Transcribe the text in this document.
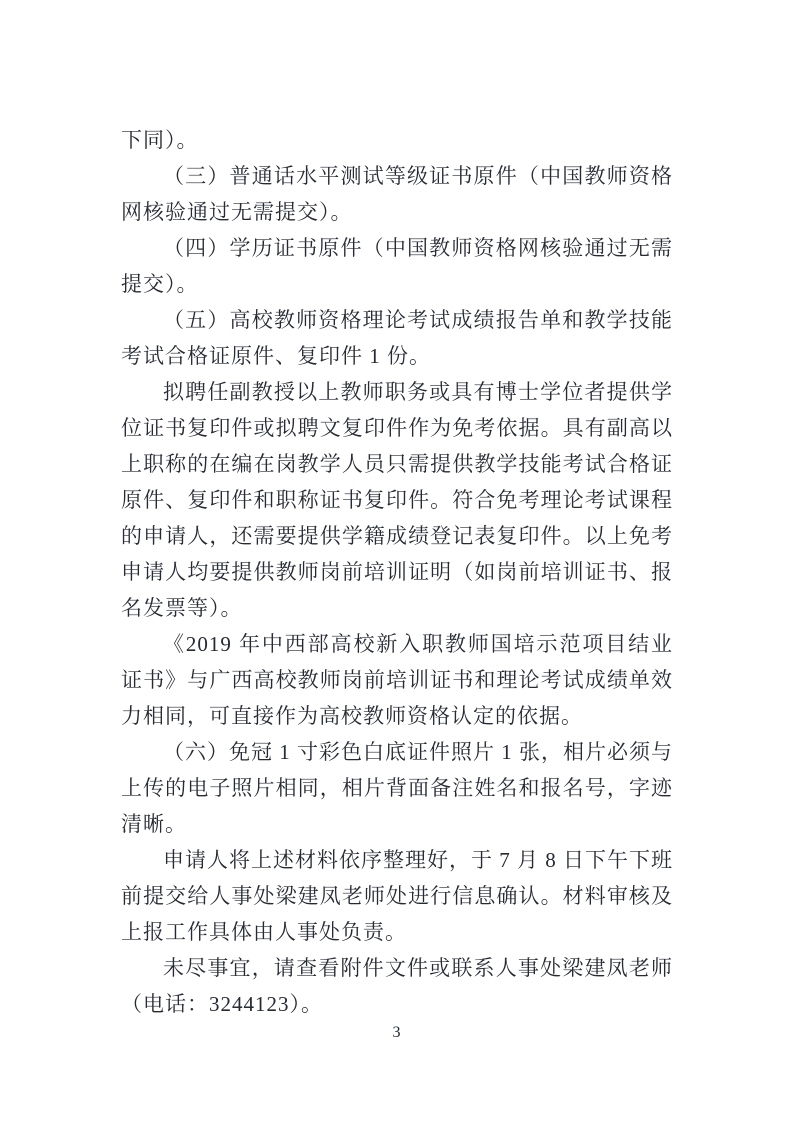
下同）。

（三）普通话水平测试等级证书原件（中国教师资格网核验通过无需提交）。

（四）学历证书原件（中国教师资格网核验通过无需提交）。

（五）高校教师资格理论考试成绩报告单和教学技能考试合格证原件、复印件 1 份。

拟聘任副教授以上教师职务或具有博士学位者提供学位证书复印件或拟聘文复印件作为免考依据。具有副高以上职称的在编在岗教学人员只需提供教学技能考试合格证原件、复印件和职称证书复印件。符合免考理论考试课程的申请人，还需要提供学籍成绩登记表复印件。以上免考申请人均要提供教师岗前培训证明（如岗前培训证书、报名发票等）。

《2019 年中西部高校新入职教师国培示范项目结业证书》与广西高校教师岗前培训证书和理论考试成绩单效力相同，可直接作为高校教师资格认定的依据。

（六）免冠 1 寸彩色白底证件照片 1 张，相片必须与上传的电子照片相同，相片背面备注姓名和报名号，字迹清晰。

申请人将上述材料依序整理好，于 7 月 8 日下午下班前提交给人事处梁建凤老师处进行信息确认。材料审核及上报工作具体由人事处负责。

未尽事宜，请查看附件文件或联系人事处梁建凤老师（电话：3244123）。

3
